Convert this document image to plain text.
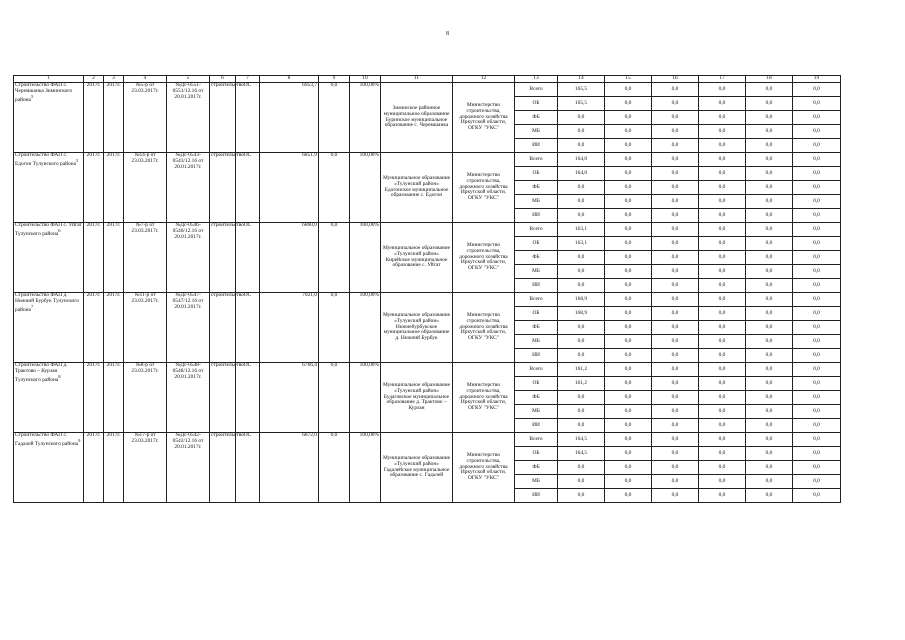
8
1	2	3	4	5	6	7	8	9	10	11	12	13	14	15	16	17	18	19
Строительство ФАП с. Черемшанка Зиминского района$^5$	2017г.	2017г.	№5-р от 23.03.2017г.	№Дс-0551-0551/12.16 от 20.01.2017г.	строительство	ОС	6953,7	0,0	100,00%	Зиминское районное муниципальное образование Буринское муниципальное образование с. Черемшанка	Министерство строительства, дорожного хозяйства Иркутской области, ОГКУ "УКС"	Всего	165,5	0,0	0,0	0,0	0,0	0,0
												ОБ	165,5	0,0	0,0	0,0	0,0	0,0
												ФБ	0,0	0,0	0,0	0,0	0,0	0,0
												МБ	0,0	0,0	0,0	0,0	0,0	0,0
												ИИ	0,0	0,0	0,0	0,0	0,0	0,0
Строительство ФАП с. Едогон Тулунского района$^5$	2017г.	2017г.	№14-р от 23.03.2017г.	№Дс-0543-0543/12.16 от 20.01.2017г.	строительство	ОС	6851,9	0,0	100,00%	Муниципальное образование «Тулунский район» Едогонское муниципальное образование с. Едогон	Министерство строительства, дорожного хозяйства Иркутской области, ОГКУ "УКС"	Всего	164,0	0,0	0,0	0,0	0,0	0,0
												ОБ	164,0	0,0	0,0	0,0	0,0	0,0
												ФБ	0,0	0,0	0,0	0,0	0,0	0,0
												МБ	0,0	0,0	0,0	0,0	0,0	0,0
												ИИ	0,0	0,0	0,0	0,0	0,0	0,0
Строительство ФАП с. Уйгат Тулунского района$^6$	2017г.	2017г.	№7-р от 23.03.2017г.	№Дс-0546-0546/12.16 от 20.01.2017г.	строительство	ОС	6860,0	0,0	100,00%	Муниципальное образование «Тулунский район» Кирейское муниципальное образование с. Уйгат	Министерство строительства, дорожного хозяйства Иркутской области, ОГКУ "УКС"	Всего	163,1	0,0	0,0	0,0	0,0	0,0
												ОБ	163,1	0,0	0,0	0,0	0,0	0,0
												ФБ	0,0	0,0	0,0	0,0	0,0	0,0
												МБ	0,0	0,0	0,0	0,0	0,0	0,0
												ИИ	0,0	0,0	0,0	0,0	0,0	0,0
Строительство ФАП д. Нижний Бурбук Тулунского района$^7$	2017г.	2017г.	№11-р от 23.03.2017г.	№Дс-0547-0547/12.16 от 20.01.2017г.	строительство	ОС	7021,0	0,0	100,00%	Муниципальное образование «Тулунский район» Нижнебурбукское муниципальное образование д. Нижний Бурбук	Министерство строительства, дорожного хозяйства Иркутской области, ОГКУ "УКС"	Всего	168,9	0,0	0,0	0,0	0,0	0,0
												ОБ	168,9	0,0	0,0	0,0	0,0	0,0
												ФБ	0,0	0,0	0,0	0,0	0,0	0,0
												МБ	0,0	0,0	0,0	0,0	0,0	0,0
												ИИ	0,0	0,0	0,0	0,0	0,0	0,0
Строительство ФАП д. Трактово – Курзан Тулунского района$^8$	2017г.	2017г.	№8-р от 23.03.2017г.	№Дс-0548-0548/12.16 от 20.01.2017г.	строительство	ОС	6766,4	0,0	100,00%	Муниципальное образование «Тулунский район» Будаговское муниципальное образование д. Трактово – Курзан	Министерство строительства, дорожного хозяйства Иркутской области, ОГКУ "УКС"	Всего	161,2	0,0	0,0	0,0	0,0	0,0
												ОБ	161,2	0,0	0,0	0,0	0,0	0,0
												ФБ	0,0	0,0	0,0	0,0	0,0	0,0
												МБ	0,0	0,0	0,0	0,0	0,0	0,0
												ИИ	0,0	0,0	0,0	0,0	0,0	0,0
Строительство ФАП с. Гадалей Тулунского района$^9$	2017г.	2017г.	№17-р от 23.03.2017г.	№Дс-0542-0542/12.16 от 20.01.2017г.	строительство	ОС	6872,0	0,0	100,00%	Муниципальное образование «Тулунский район» Гадалейское муниципальное образование с. Гадалей	Министерство строительства, дорожного хозяйства Иркутской области, ОГКУ "УКС"	Всего	164,5	0,0	0,0	0,0	0,0	0,0
												ОБ	164,5	0,0	0,0	0,0	0,0	0,0
												ФБ	0,0	0,0	0,0	0,0	0,0	0,0
												МБ	0,0	0,0	0,0	0,0	0,0	0,0
												ИИ	0,0	0,0	0,0	0,0	0,0	0,0
